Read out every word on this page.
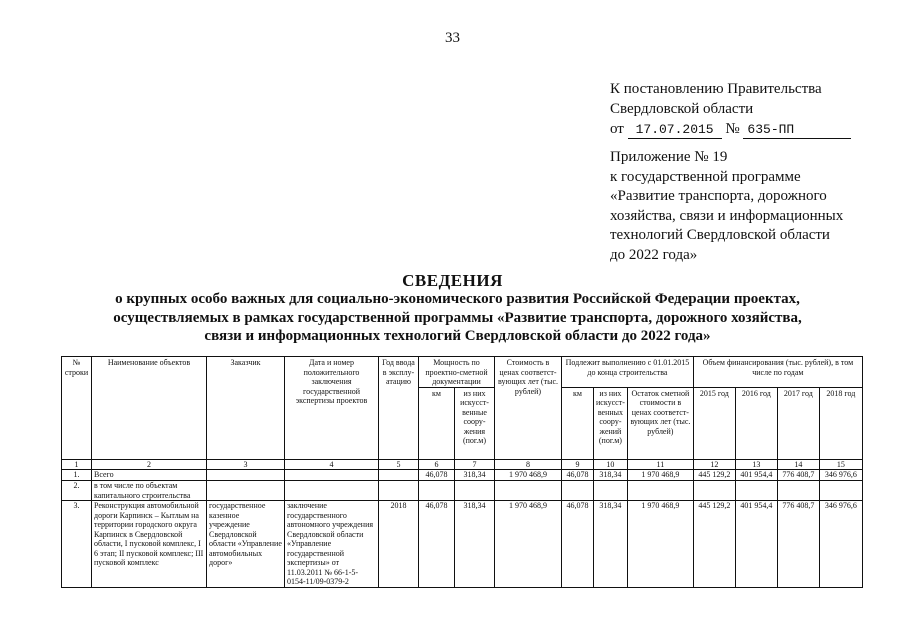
33
К постановлению Правительства
Свердловской области
от 17.07.2015 № 635-ПП
Приложение № 19
к государственной программе
«Развитие транспорта, дорожного
хозяйства, связи и информационных
технологий Свердловской области
до 2022 года»
СВЕДЕНИЯ
о крупных особо важных для социально-экономического развития Российской Федерации проектах,
осуществляемых в рамках государственной программы «Развитие транспорта, дорожного хозяйства,
связи и информационных технологий Свердловской области до 2022 года»
№ строки	Наименование объектов	Заказчик	Дата и номер положительного заключения государственной экспертизы проектов	Год ввода в эксплу-атацию	Мощность по проектно-сметной документации		Стоимость в ценах соответст-вующих лет (тыс. рублей)	Подлежит выполнению с 01.01.2015 до конца строительства			Объем финансирования (тыс. рублей), в том числе по годам			
					км	из них искусст-венные соору-жения (пог.м)		км	из них искусст-венных соору-жений (пог.м)	Остаток сметной стоимости в ценах соответст-вующих лет (тыс. рублей)	2015 год	2016 год	2017 год	2018 год
1	2	3	4	5	6	7	8	9	10	11	12	13	14	15
1.	Всего				46,078	318,34	1 970 468,9	46,078	318,34	1 970 468,9	445 129,2	401 954,4	776 408,7	346 976,6
2.	в том числе по объектам капитального строительства													
3.	Реконструкция автомобильной дороги Карпинск – Кытлым на территории городского округа Карпинск в Свердловской области, I пусковой комплекс, I 6 этап; II пусковой комплекс; III пусковой комплекс	государственное казенное учреждение Свердловской области «Управление автомобильных дорог»	заключение государственного автономного учреждения Свердловской области «Управление государственной экспертизы» от 11.03.2011 № 66-1-5-0154-11/09-0379-2	2018	46,078	318,34	1 970 468,9	46,078	318,34	1 970 468,9	445 129,2	401 954,4	776 408,7	346 976,6
